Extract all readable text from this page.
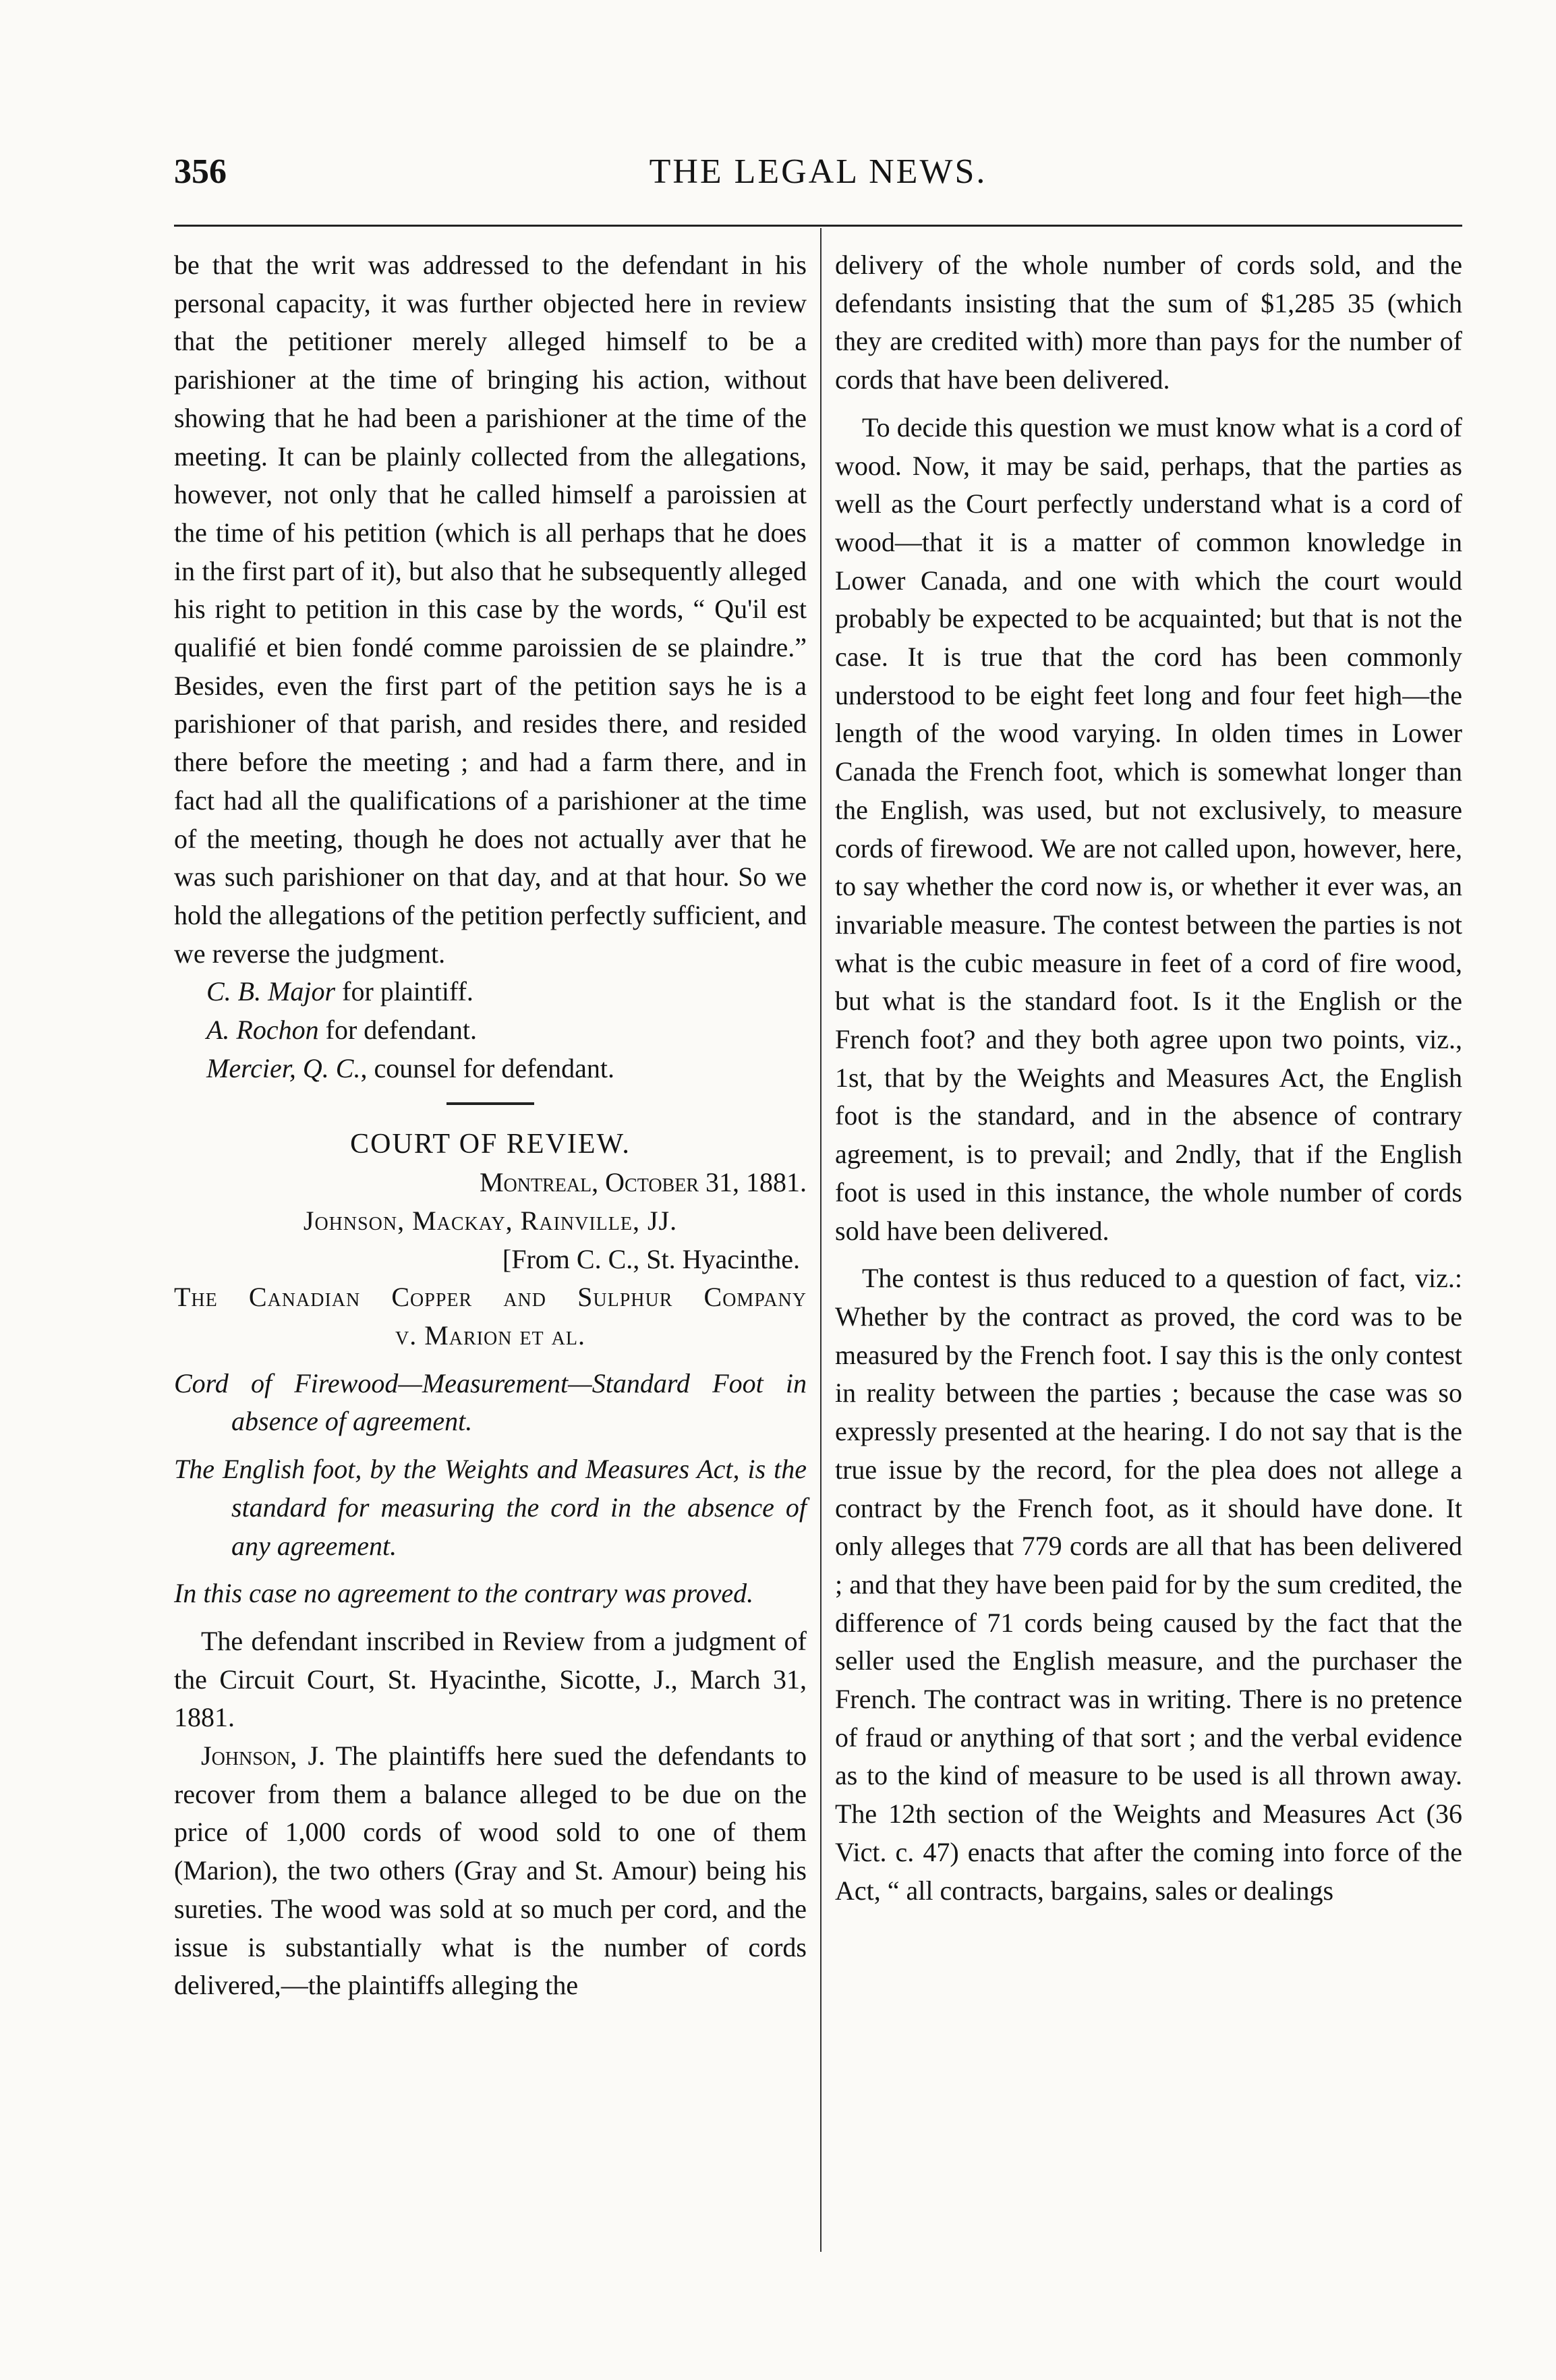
356	THE LEGAL NEWS.

be that the writ was addressed to the defendant in his personal capacity, it was further objected here in review that the petitioner merely alleged himself to be a parishioner at the time of bringing his action, without showing that he had been a parishioner at the time of the meeting. It can be plainly collected from the allegations, however, not only that he called himself a paroissien at the time of his petition (which is all perhaps that he does in the first part of it), but also that he subsequently alleged his right to petition in this case by the words, “ Qu'il est qualifié et bien fondé comme paroissien de se plaindre.” Besides, even the first part of the petition says he is a parishioner of that parish, and resides there, and resided there before the meeting ; and had a farm there, and in fact had all the qualifications of a parishioner at the time of the meeting, though he does not actually aver that he was such parishioner on that day, and at that hour. So we hold the allegations of the petition perfectly sufficient, and we reverse the judgment.

C. B. Major for plaintiff.

A. Rochon for defendant.

Mercier, Q. C., counsel for defendant.

COURT OF REVIEW.

Montreal, October 31, 1881.

Johnson, Mackay, Rainville, JJ.

[From C. C., St. Hyacinthe.

The Canadian Copper and Sulphur Company

v. Marion et al.

Cord of Firewood—Measurement—Standard Foot in absence of agreement.

The English foot, by the Weights and Measures Act, is the standard for measuring the cord in the absence of any agreement.

In this case no agreement to the contrary was proved.

The defendant inscribed in Review from a judgment of the Circuit Court, St. Hyacinthe, Sicotte, J., March 31, 1881.

Johnson, J. The plaintiffs here sued the defendants to recover from them a balance alleged to be due on the price of 1,000 cords of wood sold to one of them (Marion), the two others (Gray and St. Amour) being his sureties. The wood was sold at so much per cord, and the issue is substantially what is the number of cords delivered,—the plaintiffs alleging the

delivery of the whole number of cords sold, and the defendants insisting that the sum of $1,285 35 (which they are credited with) more than pays for the number of cords that have been delivered.

To decide this question we must know what is a cord of wood. Now, it may be said, perhaps, that the parties as well as the Court perfectly understand what is a cord of wood—that it is a matter of common knowledge in Lower Canada, and one with which the court would probably be expected to be acquainted; but that is not the case. It is true that the cord has been commonly understood to be eight feet long and four feet high—the length of the wood varying. In olden times in Lower Canada the French foot, which is somewhat longer than the English, was used, but not exclusively, to measure cords of firewood. We are not called upon, however, here, to say whether the cord now is, or whether it ever was, an invariable measure. The contest between the parties is not what is the cubic measure in feet of a cord of fire wood, but what is the standard foot. Is it the English or the French foot? and they both agree upon two points, viz., 1st, that by the Weights and Measures Act, the English foot is the standard, and in the absence of contrary agreement, is to prevail; and 2ndly, that if the English foot is used in this instance, the whole number of cords sold have been delivered.

The contest is thus reduced to a question of fact, viz.: Whether by the contract as proved, the cord was to be measured by the French foot. I say this is the only contest in reality between the parties ; because the case was so expressly presented at the hearing. I do not say that is the true issue by the record, for the plea does not allege a contract by the French foot, as it should have done. It only alleges that 779 cords are all that has been delivered ; and that they have been paid for by the sum credited, the difference of 71 cords being caused by the fact that the seller used the English measure, and the purchaser the French. The contract was in writing. There is no pretence of fraud or anything of that sort ; and the verbal evidence as to the kind of measure to be used is all thrown away. The 12th section of the Weights and Measures Act (36 Vict. c. 47) enacts that after the coming into force of the Act, “ all contracts, bargains, sales or dealings
